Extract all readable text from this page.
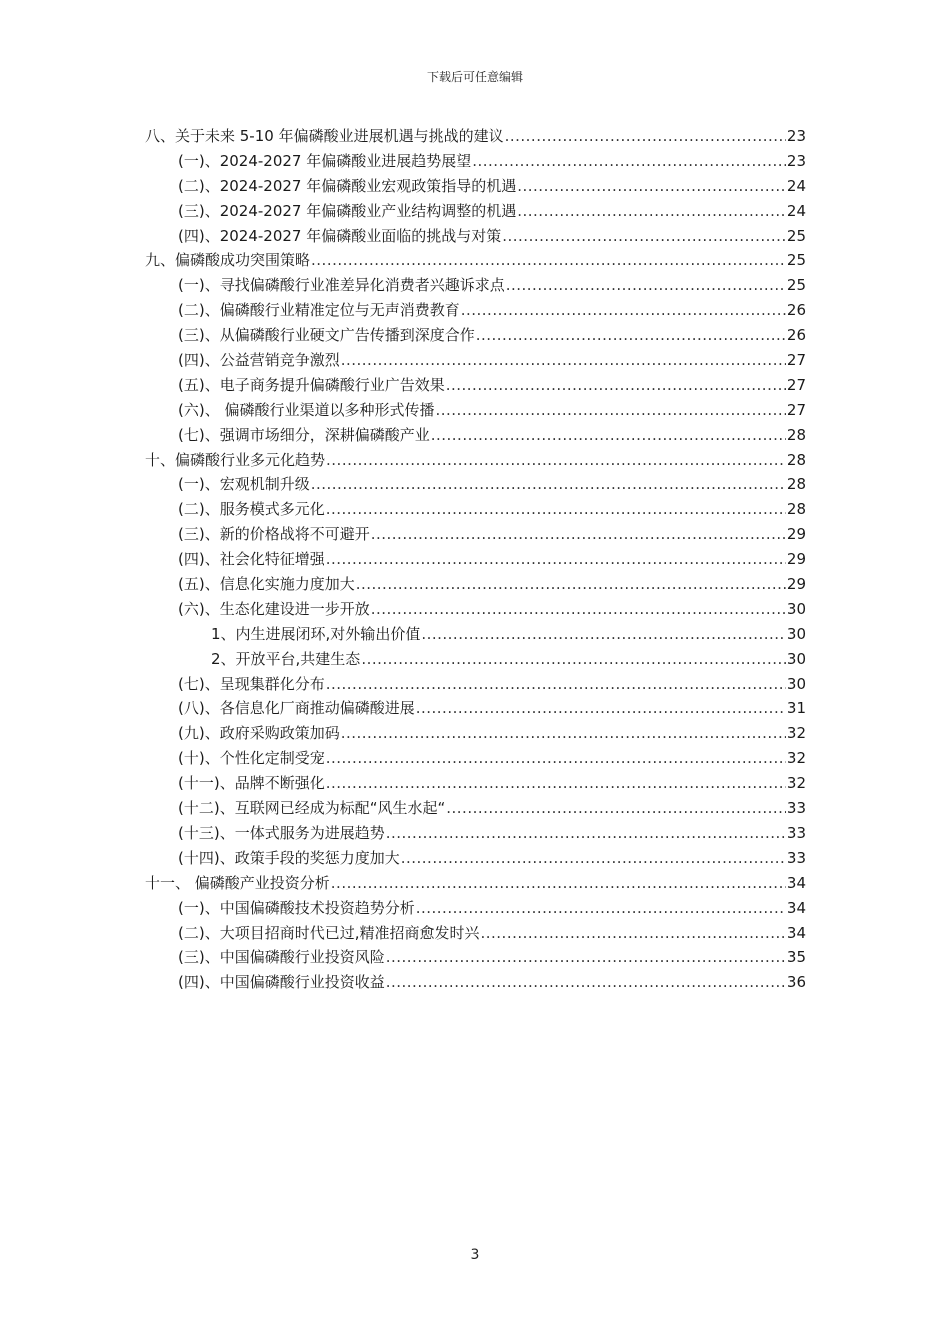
下载后可任意编辑
八、关于未来 5-10 年偏磷酸业进展机遇与挑战的建议 .....	23
(一)、2024-2027 年偏磷酸业进展趋势展望 .....	23
(二)、2024-2027 年偏磷酸业宏观政策指导的机遇 .....	24
(三)、2024-2027 年偏磷酸业产业结构调整的机遇 .....	24
(四)、2024-2027 年偏磷酸业面临的挑战与对策 .....	25
九、偏磷酸成功突围策略 .....	25
(一)、寻找偏磷酸行业准差异化消费者兴趣诉求点 .....	25
(二)、偏磷酸行业精准定位与无声消费教育 .....	26
(三)、从偏磷酸行业硬文广告传播到深度合作 .....	26
(四)、公益营销竞争激烈 .....	27
(五)、电子商务提升偏磷酸行业广告效果 .....	27
(六)、 偏磷酸行业渠道以多种形式传播 .....	27
(七)、强调市场细分，深耕偏磷酸产业 .....	28
十、偏磷酸行业多元化趋势 .....	28
(一)、宏观机制升级 .....	28
(二)、服务模式多元化 .....	28
(三)、新的价格战将不可避开 .....	29
(四)、社会化特征增强 .....	29
(五)、信息化实施力度加大 .....	29
(六)、生态化建设进一步开放 .....	30
1、内生进展闭环,对外输出价值 .....	30
2、开放平台,共建生态 .....	30
(七)、呈现集群化分布 .....	30
(八)、各信息化厂商推动偏磷酸进展 .....	31
(九)、政府采购政策加码 .....	32
(十)、个性化定制受宠 .....	32
(十一)、品牌不断强化 .....	32
(十二)、互联网已经成为标配“风生水起“ .....	33
(十三)、一体式服务为进展趋势 .....	33
(十四)、政策手段的奖惩力度加大 .....	33
十一、 偏磷酸产业投资分析 .....	34
(一)、中国偏磷酸技术投资趋势分析 .....	34
(二)、大项目招商时代已过,精准招商愈发时兴 .....	34
(三)、中国偏磷酸行业投资风险 .....	35
(四)、中国偏磷酸行业投资收益 .....	36
3
